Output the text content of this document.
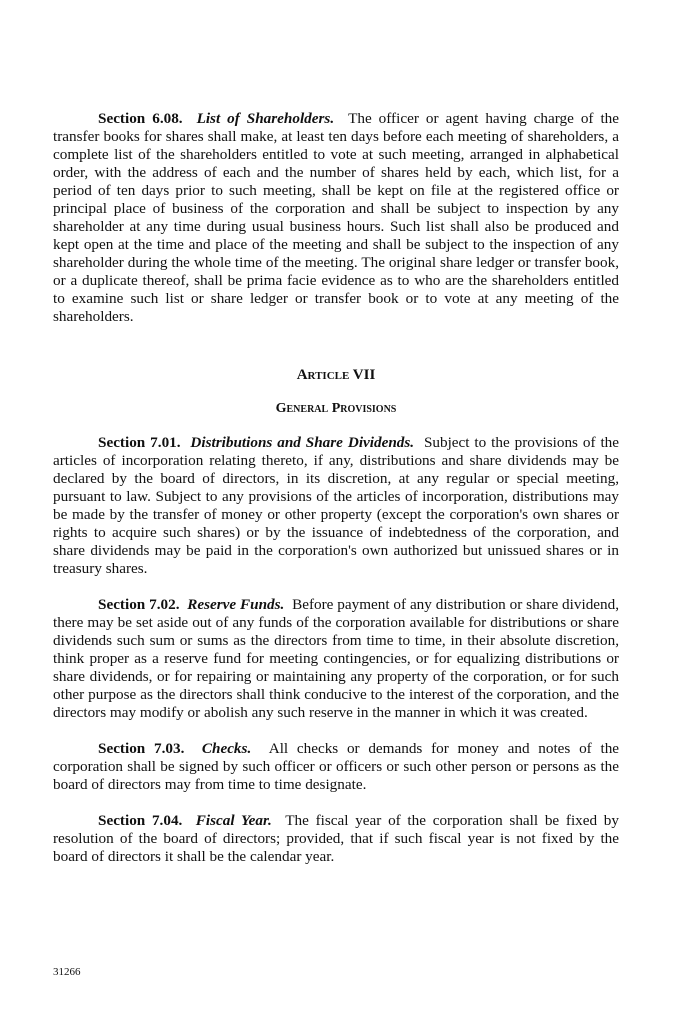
Section 6.08. List of Shareholders. The officer or agent having charge of the transfer books for shares shall make, at least ten days before each meeting of shareholders, a complete list of the shareholders entitled to vote at such meeting, arranged in alphabetical order, with the address of each and the number of shares held by each, which list, for a period of ten days prior to such meeting, shall be kept on file at the registered office or principal place of business of the corporation and shall be subject to inspection by any shareholder at any time during usual business hours. Such list shall also be produced and kept open at the time and place of the meeting and shall be subject to the inspection of any shareholder during the whole time of the meeting. The original share ledger or transfer book, or a duplicate thereof, shall be prima facie evidence as to who are the shareholders entitled to examine such list or share ledger or transfer book or to vote at any meeting of the shareholders.

Article VII

General Provisions

Section 7.01. Distributions and Share Dividends. Subject to the provisions of the articles of incorporation relating thereto, if any, distributions and share dividends may be declared by the board of directors, in its discretion, at any regular or special meeting, pursuant to law. Subject to any provisions of the articles of incorporation, distributions may be made by the transfer of money or other property (except the corporation's own shares or rights to acquire such shares) or by the issuance of indebtedness of the corporation, and share dividends may be paid in the corporation's own authorized but unissued shares or in treasury shares.

Section 7.02. Reserve Funds. Before payment of any distribution or share dividend, there may be set aside out of any funds of the corporation available for distributions or share dividends such sum or sums as the directors from time to time, in their absolute discretion, think proper as a reserve fund for meeting contingencies, or for equalizing distributions or share dividends, or for repairing or maintaining any property of the corporation, or for such other purpose as the directors shall think conducive to the interest of the corporation, and the directors may modify or abolish any such reserve in the manner in which it was created.

Section 7.03. Checks. All checks or demands for money and notes of the corporation shall be signed by such officer or officers or such other person or persons as the board of directors may from time to time designate.

Section 7.04. Fiscal Year. The fiscal year of the corporation shall be fixed by resolution of the board of directors; provided, that if such fiscal year is not fixed by the board of directors it shall be the calendar year.

31266
